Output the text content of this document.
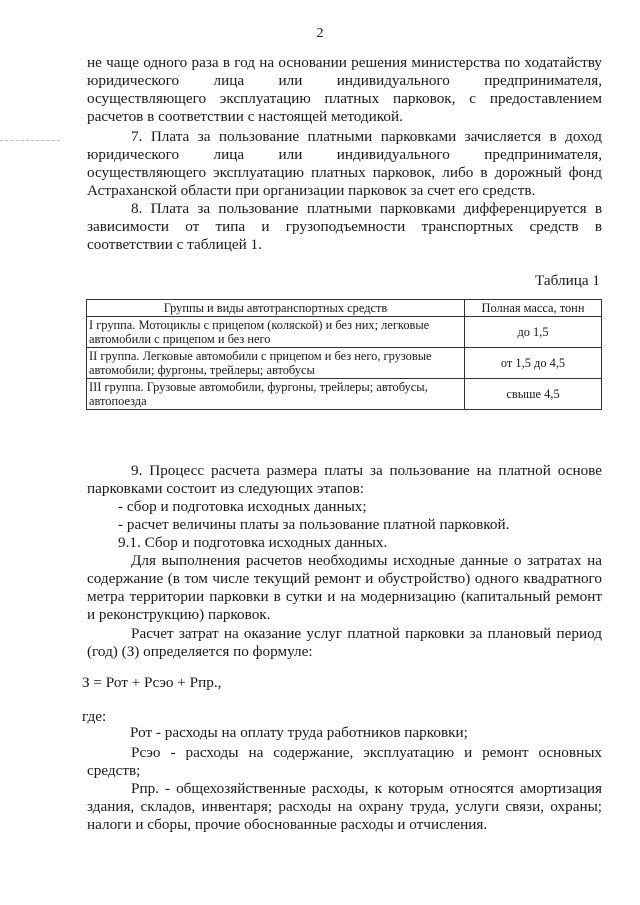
2

не чаще одного раза в год на основании решения министерства по ходатайству юридического лица или индивидуального предпринимателя, осуществляющего эксплуатацию платных парковок, с предоставлением расчетов в соответствии с настоящей методикой.

7. Плата за пользование платными парковками зачисляется в доход юридического лица или индивидуального предпринимателя, осуществляющего эксплуатацию платных парковок, либо в дорожный фонд Астраханской области при организации парковок за счет его средств.

8. Плата за пользование платными парковками дифференцируется в зависимости от типа и грузоподъемности транспортных средств в соответствии с таблицей 1.

Таблица 1
Группы и виды автотранспортных средств	Полная масса, тонн
I группа. Мотоциклы с прицепом (коляской) и без них; легковые автомобили с прицепом и без него	до 1,5
II группа. Легковые автомобили с прицепом и без него, грузовые автомобили; фургоны, трейлеры; автобусы	от 1,5 до 4,5
III группа. Грузовые автомобили, фургоны, трейлеры; автобусы, автопоезда	свыше 4,5

9. Процесс расчета размера платы за пользование на платной основе парковками состоит из следующих этапов:

- сбор и подготовка исходных данных;

- расчет величины платы за пользование платной парковкой.

9.1. Сбор и подготовка исходных данных.

Для выполнения расчетов необходимы исходные данные о затратах на содержание (в том числе текущий ремонт и обустройство) одного квадратного метра территории парковки в сутки и на модернизацию (капитальный ремонт и реконструкцию) парковок.

Расчет затрат на оказание услуг платной парковки за плановый период (год) (З) определяется по формуле:

З = Рот + Рсэо + Рпр.,
где:

Рот - расходы на оплату труда работников парковки;

Рсэо - расходы на содержание, эксплуатацию и ремонт основных средств;

Рпр. - общехозяйственные расходы, к которым относятся амортизация здания, складов, инвентаря; расходы на охрану труда, услуги связи, охраны; налоги и сборы, прочие обоснованные расходы и отчисления.
